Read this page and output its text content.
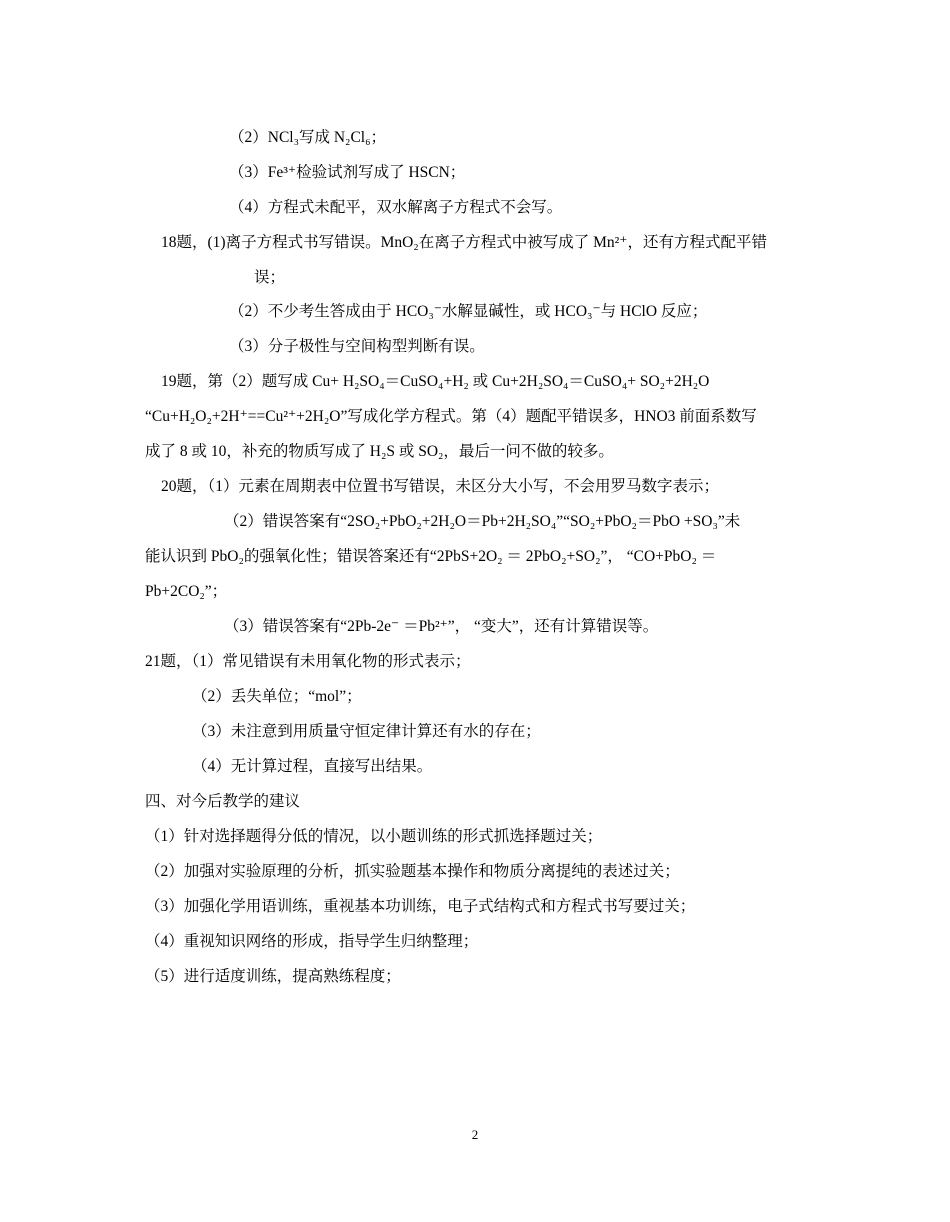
（2）NCl₃写成 N₂Cl₆；
（3）Fe³⁺检验试剂写成了 HSCN；
（4）方程式未配平，双水解离子方程式不会写。
18题，(1)离子方程式书写错误。MnO₂在离子方程式中被写成了 Mn²⁺，还有方程式配平错
误；
（2）不少考生答成由于 HCO₃⁻水解显碱性，或 HCO₃⁻与 HClO 反应；
（3）分子极性与空间构型判断有误。
19题，第（2）题写成 Cu+ H₂SO₄＝CuSO₄+H₂ 或 Cu+2H₂SO₄＝CuSO₄+ SO₂+2H₂O
“Cu+H₂O₂+2H⁺==Cu²⁺+2H₂O”写成化学方程式。第（4）题配平错误多，HNO3 前面系数写
成了 8 或 10，补充的物质写成了 H₂S 或 SO₂，最后一问不做的较多。
20题，（1）元素在周期表中位置书写错误，未区分大小写，不会用罗马数字表示；
（2）错误答案有“2SO₂+PbO₂+2H₂O＝Pb+2H₂SO₄”“SO₂+PbO₂＝PbO +SO₃”未
能认识到 PbO₂的强氧化性；错误答案还有“2PbS+2O₂ ＝ 2PbO₂+SO₂”， “CO+PbO₂ ＝
Pb+2CO₂”；
（3）错误答案有“2Pb-2e⁻ ＝Pb²⁺”， “变大”，还有计算错误等。
21题，（1）常见错误有未用氧化物的形式表示；
（2）丢失单位；“mol”；
（3）未注意到用质量守恒定律计算还有水的存在；
（4）无计算过程，直接写出结果。
四、对今后教学的建议
（1）针对选择题得分低的情况，以小题训练的形式抓选择题过关；
（2）加强对实验原理的分析，抓实验题基本操作和物质分离提纯的表述过关；
（3）加强化学用语训练，重视基本功训练，电子式结构式和方程式书写要过关；
（4）重视知识网络的形成，指导学生归纳整理；
（5）进行适度训练，提高熟练程度；
2
